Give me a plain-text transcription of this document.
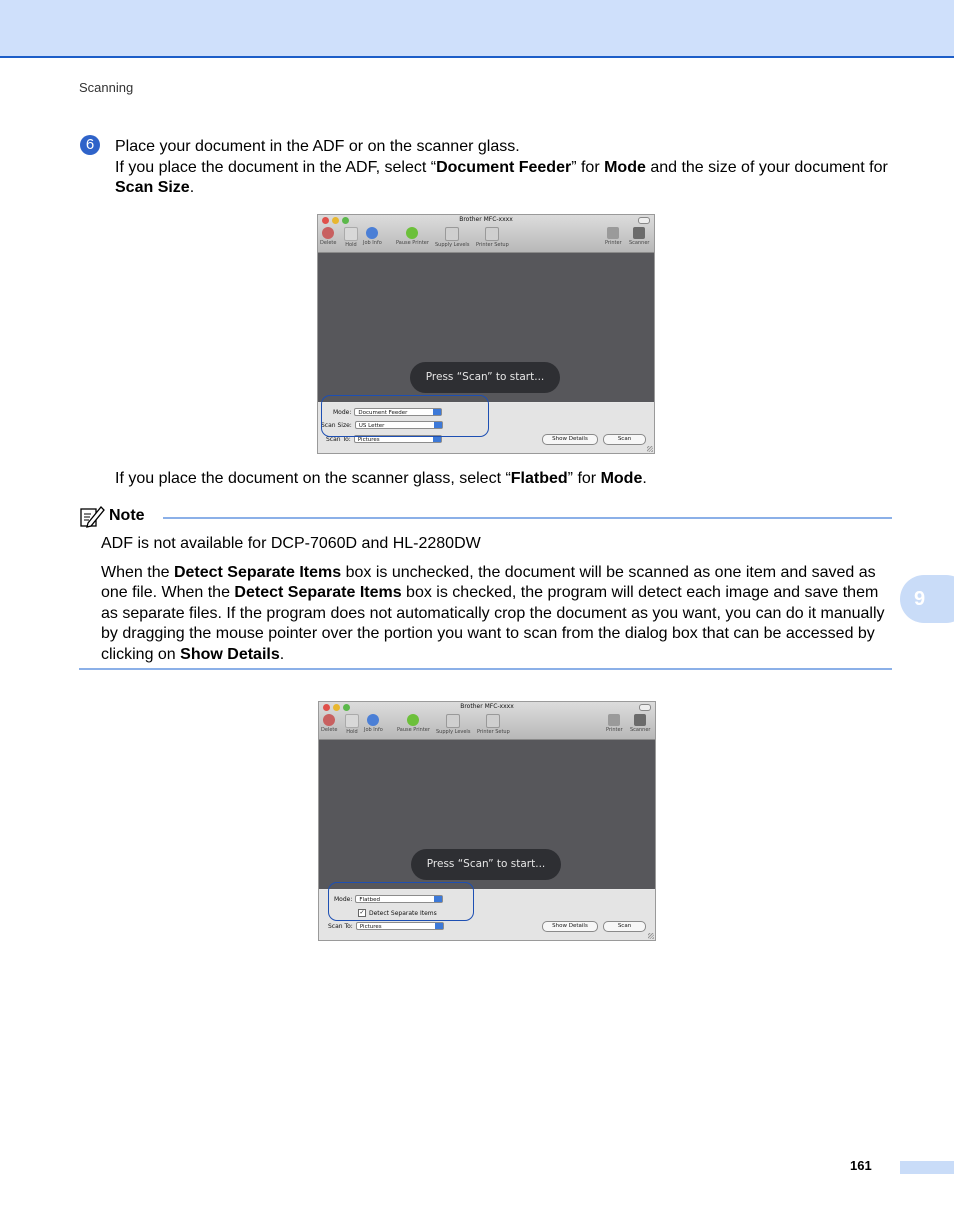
Scanning
6	Place your document in the ADF or on the scanner glass.
If you place the document in the ADF, select “Document Feeder” for Mode and the size of your document for Scan Size.
Brother MFC-xxxx
Delete Hold Job Info	Pause Printer Supply Levels Printer Setup	Printer Scanner
Press “Scan” to start...
Mode:	Document Feeder
Scan Size:	US Letter
Scan To:	Pictures	Show Details	Scan
If you place the document on the scanner glass, select “Flatbed” for Mode.
Note

ADF is not available for DCP-7060D and HL-2280DW

When the Detect Separate Items box is unchecked, the document will be scanned as one item and saved as one file. When the Detect Separate Items box is checked, the program will detect each image and save them as separate files. If the program does not automatically crop the document as you want, you can do it manually by dragging the mouse pointer over the portion you want to scan from the dialog box that can be accessed by clicking on Show Details.

Brother MFC-xxxx
Delete Hold Job Info	Pause Printer Supply Levels Printer Setup	Printer Scanner
Press “Scan” to start...
Mode:	Flatbed
✓ Detect Separate Items
Scan To:	Pictures	Show Details	Scan
9
161
